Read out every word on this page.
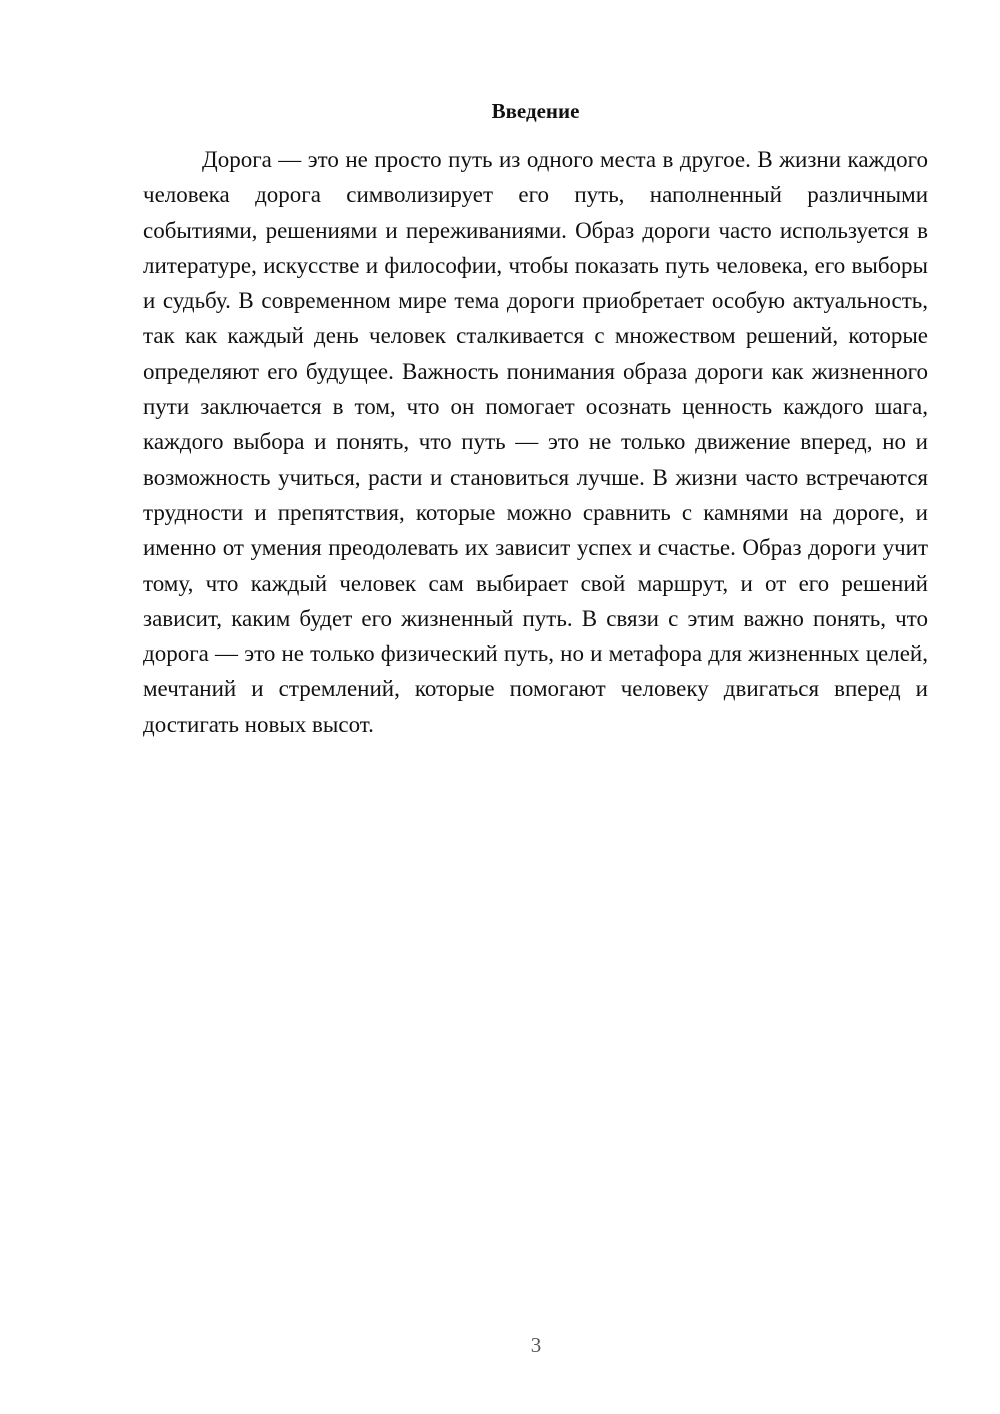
Введение

Дорога — это не просто путь из одного места в другое. В жизни каждого человека дорога символизирует его путь, наполненный различными событиями, решениями и переживаниями. Образ дороги часто используется в литературе, искусстве и философии, чтобы показать путь человека, его выборы и судьбу. В современном мире тема дороги приобретает особую актуальность, так как каждый день человек сталкивается с множеством решений, которые определяют его будущее. Важность понимания образа дороги как жизненного пути заключается в том, что он помогает осознать ценность каждого шага, каждого выбора и понять, что путь — это не только движение вперед, но и возможность учиться, расти и становиться лучше. В жизни часто встречаются трудности и препятствия, которые можно сравнить с камнями на дороге, и именно от умения преодолевать их зависит успех и счастье. Образ дороги учит тому, что каждый человек сам выбирает свой маршрут, и от его решений зависит, каким будет его жизненный путь. В связи с этим важно понять, что дорога — это не только физический путь, но и метафора для жизненных целей, мечтаний и стремлений, которые помогают человеку двигаться вперед и достигать новых высот.

3
